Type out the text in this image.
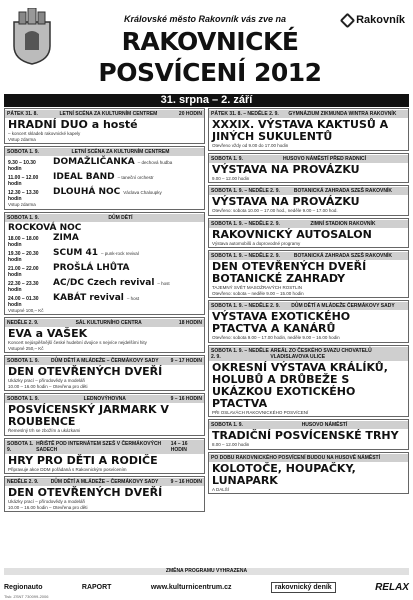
Královské město Rakovník vás zve na	Rakovník
RAKOVNICKÉ
POSVÍCENÍ 2012
31. srpna – 2. září
PÁTEK 31. 8.	LETNÍ SCÉNA ZA KULTURNÍM CENTREM	20 HODIN
HRADNÍ DUO a hosté
– koncert skladeb rakovnické kapely
Vstup zdarma
SOBOTA 1. 9.	LETNÍ SCÉNA ZA KULTURNÍM CENTREM
9.30 – 10.30 hodin
DOMAŽLIČANKA – dechová hudba
11.00 – 12.00 hodin
IDEAL BAND – taneční orchestr
12.30 – 13.30 hodin
DLOUHÁ NOC Václava Chaloupky
Vstup zdarma
SOBOTA 1. 9.	DŮM DĚTÍ
ROCKOVÁ NOC
18.00 – 18.00 hodin
ZIMA
19.30 – 20.30 hodin
SCUM 41 – punk-rock revival
21.00 – 22.00 hodin
PROŠLÁ LHŮTA
22.30 – 23.30 hodin
AC/DC Czech revival – host
24.00 – 01.30 hodin
KABÁT revival – host
Vstupné 100,– Kč
NEDĚLE 2. 9.	SÁL KULTURNÍHO CENTRA	18 HODIN
EVA a VAŠEK
Koncert nejúspěšnější české hudební dvojice s nejvíce nejdelšími hity
Vstupné 250,– Kč
SOBOTA 1. 9. DŮM DĚTÍ A MLÁDEŽE – ČERMÁKOVY SADY 9 – 17 HODIN
DEN OTEVŘENÝCH DVEŘÍ
Ukázky prací – přírodovědy a modeláři
10.00 – 16.00 hodin – Otevřena pro děti
SOBOTA 1. 9.	LEDNOVÝHOVNA	9 – 16 HODIN
POSVÍCENSKÝ JARMARK V ROUBENCE
Řemeslný trh se zbožím a ukázkami
SOBOTA 1. 9.
HŘIŠTĚ POD INTERNÁTEM SZEŠ V ČERMÁKOVÝCH SADECH
14 – 16 HODIN
HRY PRO DĚTI A RODIČE
Připravuje akce DDM pořádaná s Rakovnickým posvícením
NEDĚLE 2. 9. DŮM DĚTÍ A MLÁDEŽE – ČERMÁKOVY SADY 9 – 16 HODIN
DEN OTEVŘENÝCH DVEŘÍ
Ukázky prací – přírodovědy a modeláři
10.00 – 16.00 hodin – Otevřena pro děti
PÁTEK 31. 8. – NEDĚLE 2. 9. GYMNÁZIUM ZIKMUNDA WINTRA RAKOVNÍK
XXXIX. VÝSTAVA KAKTUSŮ A JINÝCH SUKULENTŮ
Otevřeno vždy od 9.00 do 17.00 hodin
SOBOTA 1. 9.	HUSOVO NÁMĚSTÍ PŘED RADNICÍ
VÝSTAVA NA PROVÁZKU
9.00 – 12.00 hodin
SOBOTA 1. 9. – NEDĚLE 2. 9.	BOTANICKÁ ZAHRADA SZEŠ RAKOVNÍK
VÝSTAVA NA PROVÁZKU
Otevřeno: sobota 10.00 – 17.00 hod., neděle 9.00 – 17.00 hod.
SOBOTA 1. 9. – NEDĚLE 2. 9.	ZIMNÍ STADION RAKOVNÍK
RAKOVNICKÝ AUTOSALON
Výstava automobilů a doprovodné programy
SOBOTA 1. 9. – NEDĚLE 2. 9.	BOTANICKÁ ZAHRADA SZEŠ RAKOVNÍK
DEN OTEVŘENÝCH DVEŘÍ BOTANICKÉ ZAHRADY
TAJEMNÝ SVĚT MASOŽRAVÝCH ROSTLIN
Otevřeno: sobota – neděle 9.00 – 15.00 hodin
SOBOTA 1. 9. – NEDĚLE 2. 9. DŮM DĚTÍ A MLÁDEŽE ČERMÁKOVY SADY
VÝSTAVA EXOTICKÉHO PTACTVA A KANÁRŮ
Otevřeno: sobota 9.00 – 17.00 hodin, neděle 9.00 – 16.00 hodin
SOBOTA 1. 9. – NEDĚLE 2. 9.
AREÁL ZO ČESKÉHO SVAZU CHOVATELŮ VLADISLAVOVA ULICE
OKRESNÍ VÝSTAVA KRÁLÍKŮ, HOLUBŮ A DRŮBEŽE S UKÁZKOU EXOTICKÉHO PTACTVA
PŘI OSLAVÁCH RAKOVNICKÉHO POSVÍCENÍ
SOBOTA 1. 9.	HUSOVO NÁMĚSTÍ
TRADIČNÍ POSVÍCENSKÉ TRHY
8.00 – 12.00 hodin
PO DOBU RAKOVNICKÉHO POSVÍCENÍ BUDOU NA HUSOVĚ NÁMĚSTÍ
KOLOTOČE, HOUPAČKY, LUNAPARK
A DALŠÍ
ZMĚNA PROGRAMU VYHRAZENA
Regionauto	RAPORT	www.kulturnicentrum.cz	rakovnický deník	RELAX
Tisk: ZSNT 730099-2006
